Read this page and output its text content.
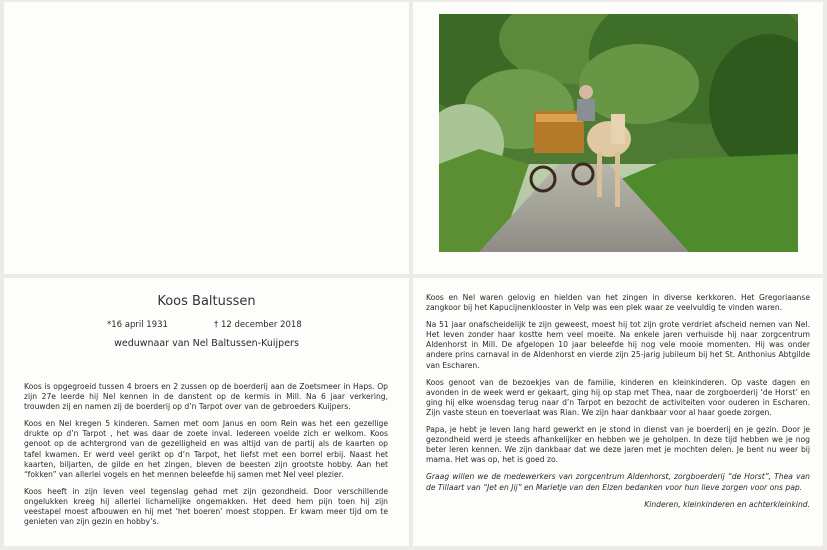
Koos Baltussen
*16 april 1931	† 12 december 2018
weduwnaar van Nel Baltussen-Kuijpers

Koos is opgegroeid tussen 4 broers en 2 zussen op de boerderij aan de Zoetsmeer in Haps. Op zijn 27e leerde hij Nel kennen in de danstent op de kermis in Mill. Na 6 jaar verkering, trouwden zij en namen zij de boerderij op d’n Tarpot over van de gebroeders Kuijpers.

Koos en Nel kregen 5 kinderen. Samen met oom Janus en oom Rein was het een gezellige drukte op d’n Tarpot , het was daar de zoete inval. Iedereen voelde zich er welkom. Koos genoot op de achtergrond van de gezelligheid en was altijd van de partij als de kaarten op tafel kwamen. Er werd veel gerikt op d’n Tarpot, het liefst met een borrel erbij. Naast het kaarten, biljarten, de gilde en het zingen, bleven de beesten zijn grootste hobby. Aan het “fokken” van allerlei vogels en het mennen beleefde hij samen met Nel veel plezier.

Koos heeft in zijn leven veel tegenslag gehad met zijn gezondheid. Door verschillende ongelukken kreeg hij allerlei lichamelijke ongemakken. Het deed hem pijn toen hij zijn veestapel moest afbouwen en hij met ‘het boeren’ moest stoppen. Er kwam meer tijd om te genieten van zijn gezin en hobby’s.

Koos en Nel waren gelovig en hielden van het zingen in diverse kerkkoren. Het Gregoriaanse zangkoor bij het Kapucijnenklooster in Velp was een plek waar ze veelvuldig te vinden waren.

Na 51 jaar onafscheidelijk te zijn geweest, moest hij tot zijn grote verdriet afscheid nemen van Nel. Het leven zonder haar kostte hem veel moeite. Na enkele jaren verhuisde hij naar zorgcentrum Aldenhorst in Mill. De afgelopen 10 jaar beleefde hij nog vele mooie momenten. Hij was onder andere prins carnaval in de Aldenhorst en vierde zijn 25-jarig jubileum bij het St. Anthonius Abtgilde van Escharen.

Koos genoot van de bezoekjes van de familie, kinderen en kleinkinderen. Op vaste dagen en avonden in de week werd er gekaart, ging hij op stap met Thea, naar de zorgboerderij ‘de Horst’ en ging hij elke woensdag terug naar d’n Tarpot en bezocht de activiteiten voor ouderen in Escharen. Zijn vaste steun en toeverlaat was Rian. We zijn haar dankbaar voor al haar goede zorgen.

Papa, je hebt je leven lang hard gewerkt en je stond in dienst van je boerderij en je gezin. Door je gezondheid werd je steeds afhankelijker en hebben we je geholpen. In deze tijd hebben we je nog beter leren kennen. We zijn dankbaar dat we deze jaren met je mochten delen. Je bent nu weer bij mama. Het was op, het is goed zo.

Graag willen we de medewerkers van zorgcentrum Aldenhorst, zorgboerderij “de Horst”, Thea van de Tillaart van “Jet en Jij” en Marietje van den Elzen bedanken voor hun lieve zorgen voor ons pap.

Kinderen, kleinkinderen en achterkleinkind.
